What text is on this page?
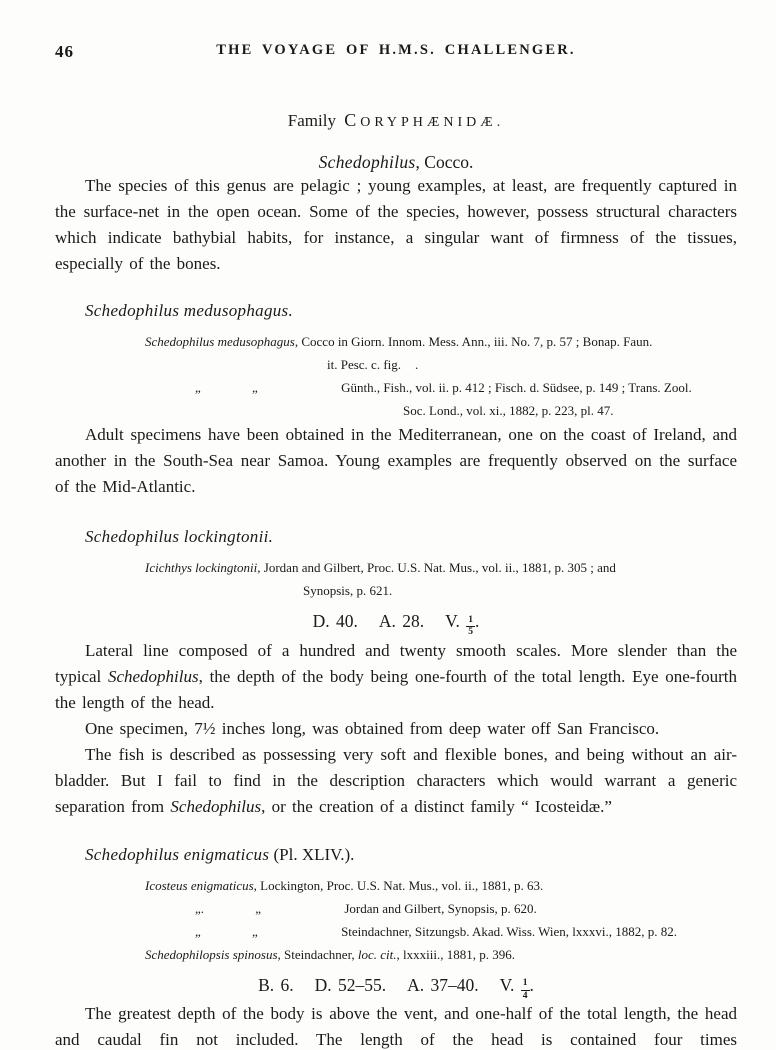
46	THE VOYAGE OF H.M.S. CHALLENGER.
Family CORYPHÆNIDÆ.
Schedophilus, Cocco.

The species of this genus are pelagic ; young examples, at least, are frequently captured in the surface-net in the open ocean. Some of the species, however, possess structural characters which indicate bathybial habits, for instance, a singular want of firmness of the tissues, especially of the bones.

Schedophilus medusophagus.

Schedophilus medusophagus, Cocco in Giorn. Innom. Mess. Ann., iii. No. 7, p. 57 ; Bonap. Faun.

it. Pesc. c. fig. .

„	„	Günth., Fish., vol. ii. p. 412 ; Fisch. d. Südsee, p. 149 ; Trans. Zool.

Soc. Lond., vol. xi., 1882, p. 223, pl. 47.

Adult specimens have been obtained in the Mediterranean, one on the coast of Ireland, and another in the South-Sea near Samoa. Young examples are frequently observed on the surface of the Mid-Atlantic.

Schedophilus lockingtonii.

Icichthys lockingtonii, Jordan and Gilbert, Proc. U.S. Nat. Mus., vol. ii., 1881, p. 305 ; and

Synopsis, p. 621.

D. 40. A. 28. V. $\frac{1}{5}$ .

Lateral line composed of a hundred and twenty smooth scales. More slender than the typical Schedophilus, the depth of the body being one-fourth of the total length. Eye one-fourth the length of the head.

One specimen, 7½ inches long, was obtained from deep water off San Francisco.

The fish is described as possessing very soft and flexible bones, and being without an air-bladder. But I fail to find in the description characters which would warrant a generic separation from Schedophilus, or the creation of a distinct family “ Icosteidæ.”

Schedophilus enigmaticus (Pl. XLIV.).

Icosteus enigmaticus, Lockington, Proc. U.S. Nat. Mus., vol. ii., 1881, p. 63.

„.	„	Jordan and Gilbert, Synopsis, p. 620.

„	„	Steindachner, Sitzungsb. Akad. Wiss. Wien, lxxxvi., 1882, p. 82.

Schedophilopsis spinosus, Steindachner, loc. cit., lxxxiii., 1881, p. 396.

B. 6. D. 52–55. A. 37–40. V. $\frac{1}{4}$ .

The greatest depth of the body is above the vent, and one-half of the total length, the head and caudal fin not included. The length of the head is contained four times
